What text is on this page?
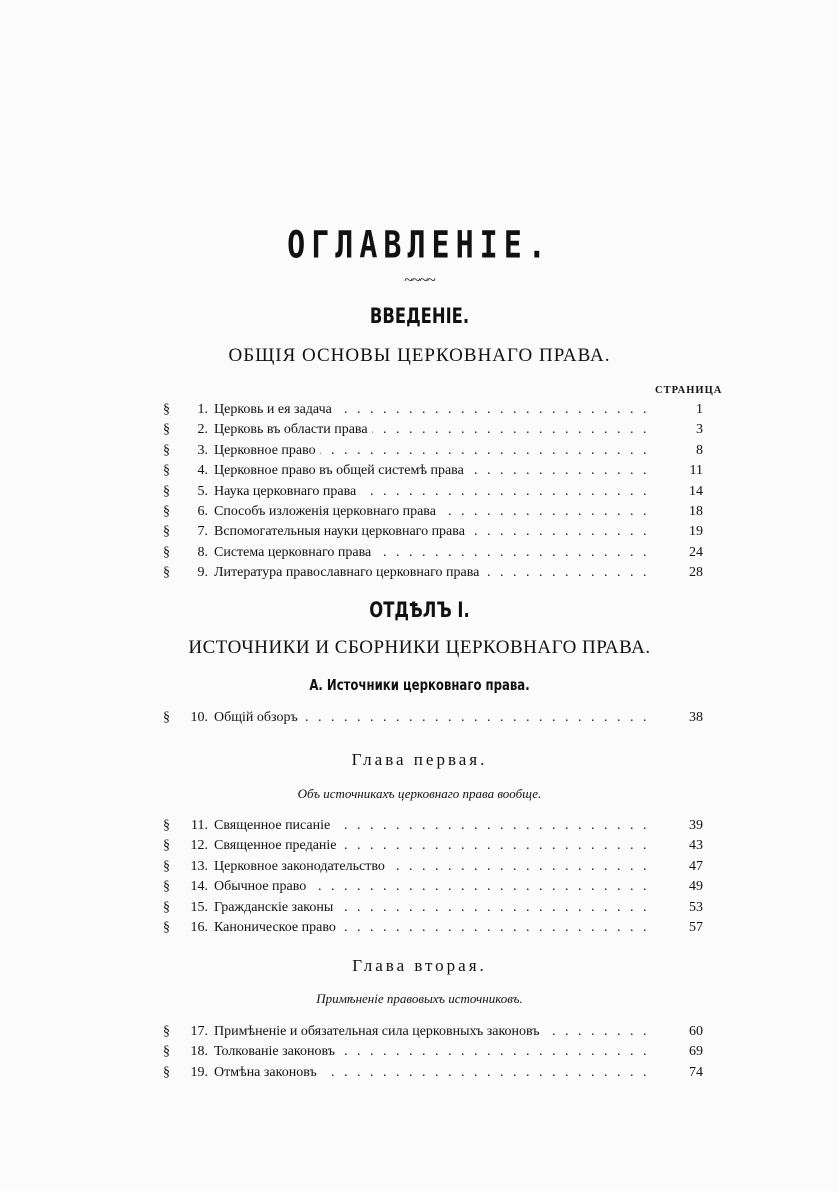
ОГЛАВЛЕНІЕ.
~~~~
ВВЕДЕНІЕ.
ОБЩІЯ ОСНОВЫ ЦЕРКОВНАГО ПРАВА.
СТРАНИЦА
§	1. Церковь и ея задача . . .	1
§	2. Церковь въ области права . . .	3
§	3. Церковное право . . .	8
§	4. Церковное право въ общей системѣ права . . .	11
§	5. Наука церковнаго права . . .	14
§	6. Способъ изложенія церковнаго права . . .	18
§	7. Вспомогательныя науки церковнаго права . . .	19
§	8. Система церковнаго права . . .	24
§	9. Литература православнаго церковнаго права . . .	28
ОТДѢЛЪ I.
ИСТОЧНИКИ И СБОРНИКИ ЦЕРКОВНАГО ПРАВА.
А. Источники церковнаго права.
§	10. Общій обзоръ . . .	38
Глава первая.
Объ источникахъ церковнаго права вообще.
§	11. Священное писаніе . . .	39
§	12. Священное преданіе . . .	43
§	13. Церковное законодательство . . .	47
§	14. Обычное право . . .	49
§	15. Гражданскіе законы . . .	53
§	16. Каноническое право . . .	57
Глава вторая.
Примѣненіе правовыхъ источниковъ.
§	17. Примѣненіе и обязательная сила церковныхъ законовъ . . .	60
§	18. Толкованіе законовъ . . .	69
§	19. Отмѣна законовъ . . .	74
